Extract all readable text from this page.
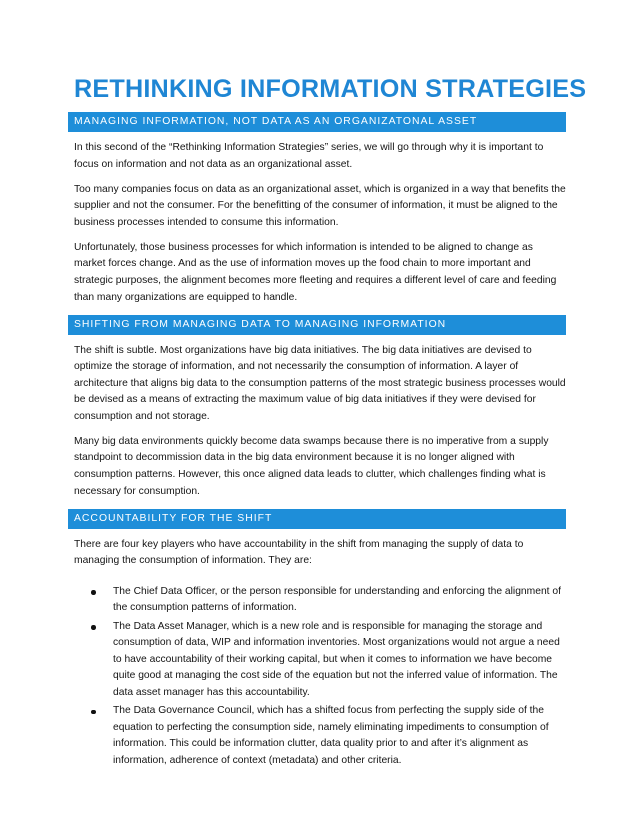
RETHINKING INFORMATION STRATEGIES
MANAGING INFORMATION, NOT DATA AS AN ORGANIZATONAL ASSET

In this second of the “Rethinking Information Strategies” series, we will go through why it is important to focus on information and not data as an organizational asset.

Too many companies focus on data as an organizational asset, which is organized in a way that benefits the supplier and not the consumer. For the benefitting of the consumer of information, it must be aligned to the business processes intended to consume this information.

Unfortunately, those business processes for which information is intended to be aligned to change as market forces change. And as the use of information moves up the food chain to more important and strategic purposes, the alignment becomes more fleeting and requires a different level of care and feeding than many organizations are equipped to handle.

SHIFTING FROM MANAGING DATA TO MANAGING INFORMATION

The shift is subtle. Most organizations have big data initiatives. The big data initiatives are devised to optimize the storage of information, and not necessarily the consumption of information. A layer of architecture that aligns big data to the consumption patterns of the most strategic business processes would be devised as a means of extracting the maximum value of big data initiatives if they were devised for consumption and not storage.

Many big data environments quickly become data swamps because there is no imperative from a supply standpoint to decommission data in the big data environment because it is no longer aligned with consumption patterns. However, this once aligned data leads to clutter, which challenges finding what is necessary for consumption.

ACCOUNTABILITY FOR THE SHIFT

There are four key players who have accountability in the shift from managing the supply of data to managing the consumption of information. They are:

The Chief Data Officer, or the person responsible for understanding and enforcing the alignment of the consumption patterns of information.
The Data Asset Manager, which is a new role and is responsible for managing the storage and consumption of data, WIP and information inventories. Most organizations would not argue a need to have accountability of their working capital, but when it comes to information we have become quite good at managing the cost side of the equation but not the inferred value of information. The data asset manager has this accountability.
The Data Governance Council, which has a shifted focus from perfecting the supply side of the equation to perfecting the consumption side, namely eliminating impediments to consumption of information. This could be information clutter, data quality prior to and after it’s alignment as information, adherence of context (metadata) and other criteria.
